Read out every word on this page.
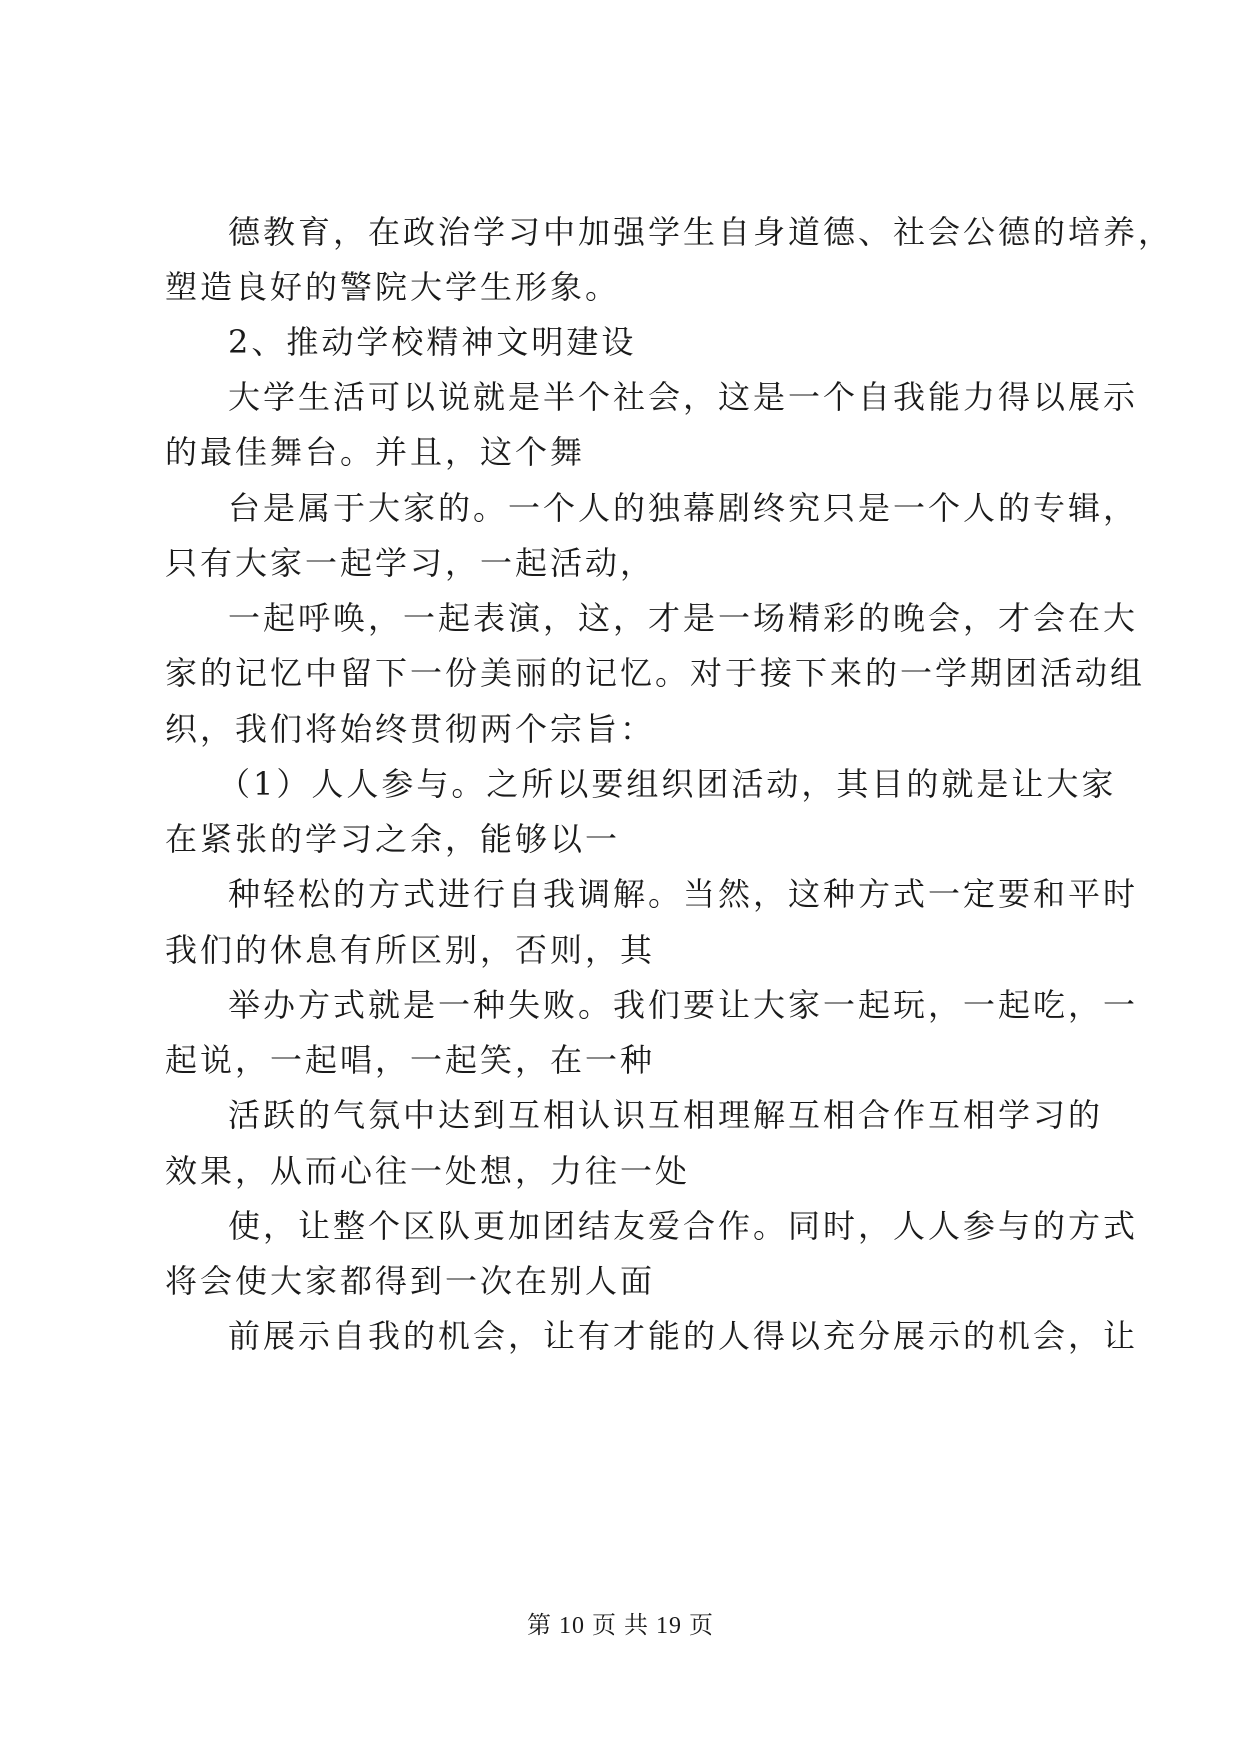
德教育，在政治学习中加强学生自身道德、社会公德的培养，
塑造良好的警院大学生形象。
2、推动学校精神文明建设
大学生活可以说就是半个社会，这是一个自我能力得以展示
的最佳舞台。并且，这个舞
台是属于大家的。一个人的独幕剧终究只是一个人的专辑，
只有大家一起学习，一起活动，
一起呼唤，一起表演，这，才是一场精彩的晚会，才会在大
家的记忆中留下一份美丽的记忆。对于接下来的一学期团活动组
织，我们将始终贯彻两个宗旨：
（1）人人参与。之所以要组织团活动，其目的就是让大家
在紧张的学习之余，能够以一
种轻松的方式进行自我调解。当然，这种方式一定要和平时
我们的休息有所区别，否则，其
举办方式就是一种失败。我们要让大家一起玩，一起吃，一
起说，一起唱，一起笑，在一种
活跃的气氛中达到互相认识互相理解互相合作互相学习的
效果，从而心往一处想，力往一处
使，让整个区队更加团结友爱合作。同时，人人参与的方式
将会使大家都得到一次在别人面
前展示自我的机会，让有才能的人得以充分展示的机会，让
第 10 页 共 19 页
